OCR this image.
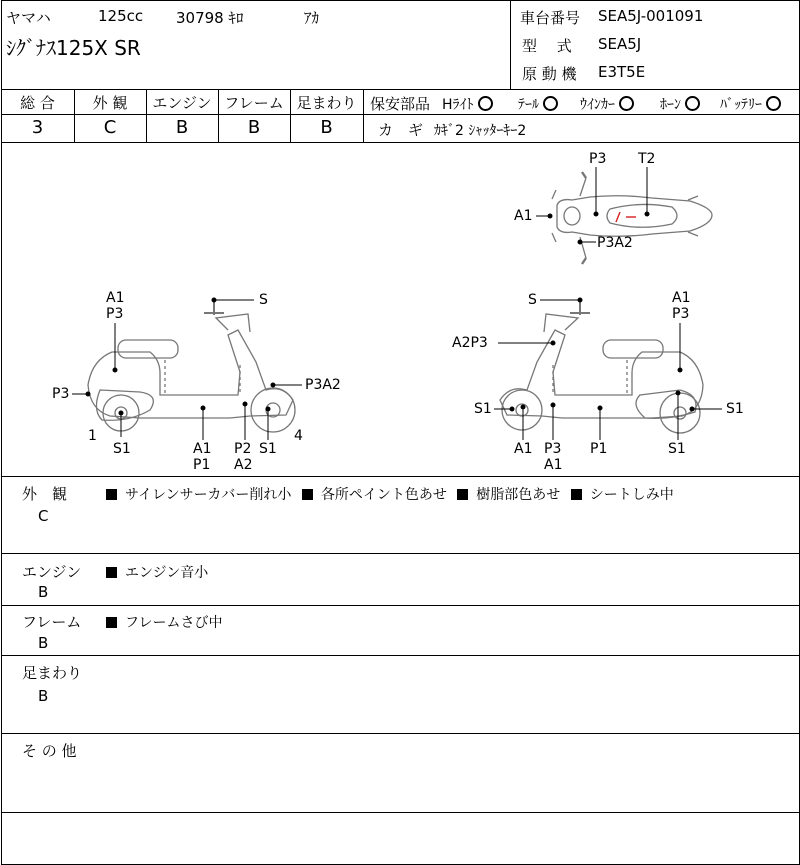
ヤマハ	125cc 30798 ｷﾛ	ｱｶ
ｼｸﾞﾅｽ125X SR
車台番号 SEA5J-001091
型　 式 SEA5J
原 動 機 E3T5E
総 合	外 観	エンジン フレーム 足まわり
3	C	B	B	B
保安部品 Hﾗｲﾄ	ﾃｰﾙ	ｳｲﾝｶｰ	ﾎｰﾝ	ﾊﾞｯﾃﾘｰ
カ　ギ ｶｷﾞ2 ｼｬｯﾀｰｷｰ2
P3 T2
A1
P3A2
A1
P3
S
P3
P3A2
1
S1	A1
P1
P2
A2
S1
4
S	A1
P3
A2P3
S1	S1
A1 P3
A1
P1	S1
外　観
C
サイレンサーカバー削れ小 各所ペイント色あせ 樹脂部色あせ シートしみ中
エンジン
B
エンジン音小
フレーム
B
フレームさび中
足まわり
B
そ の 他
